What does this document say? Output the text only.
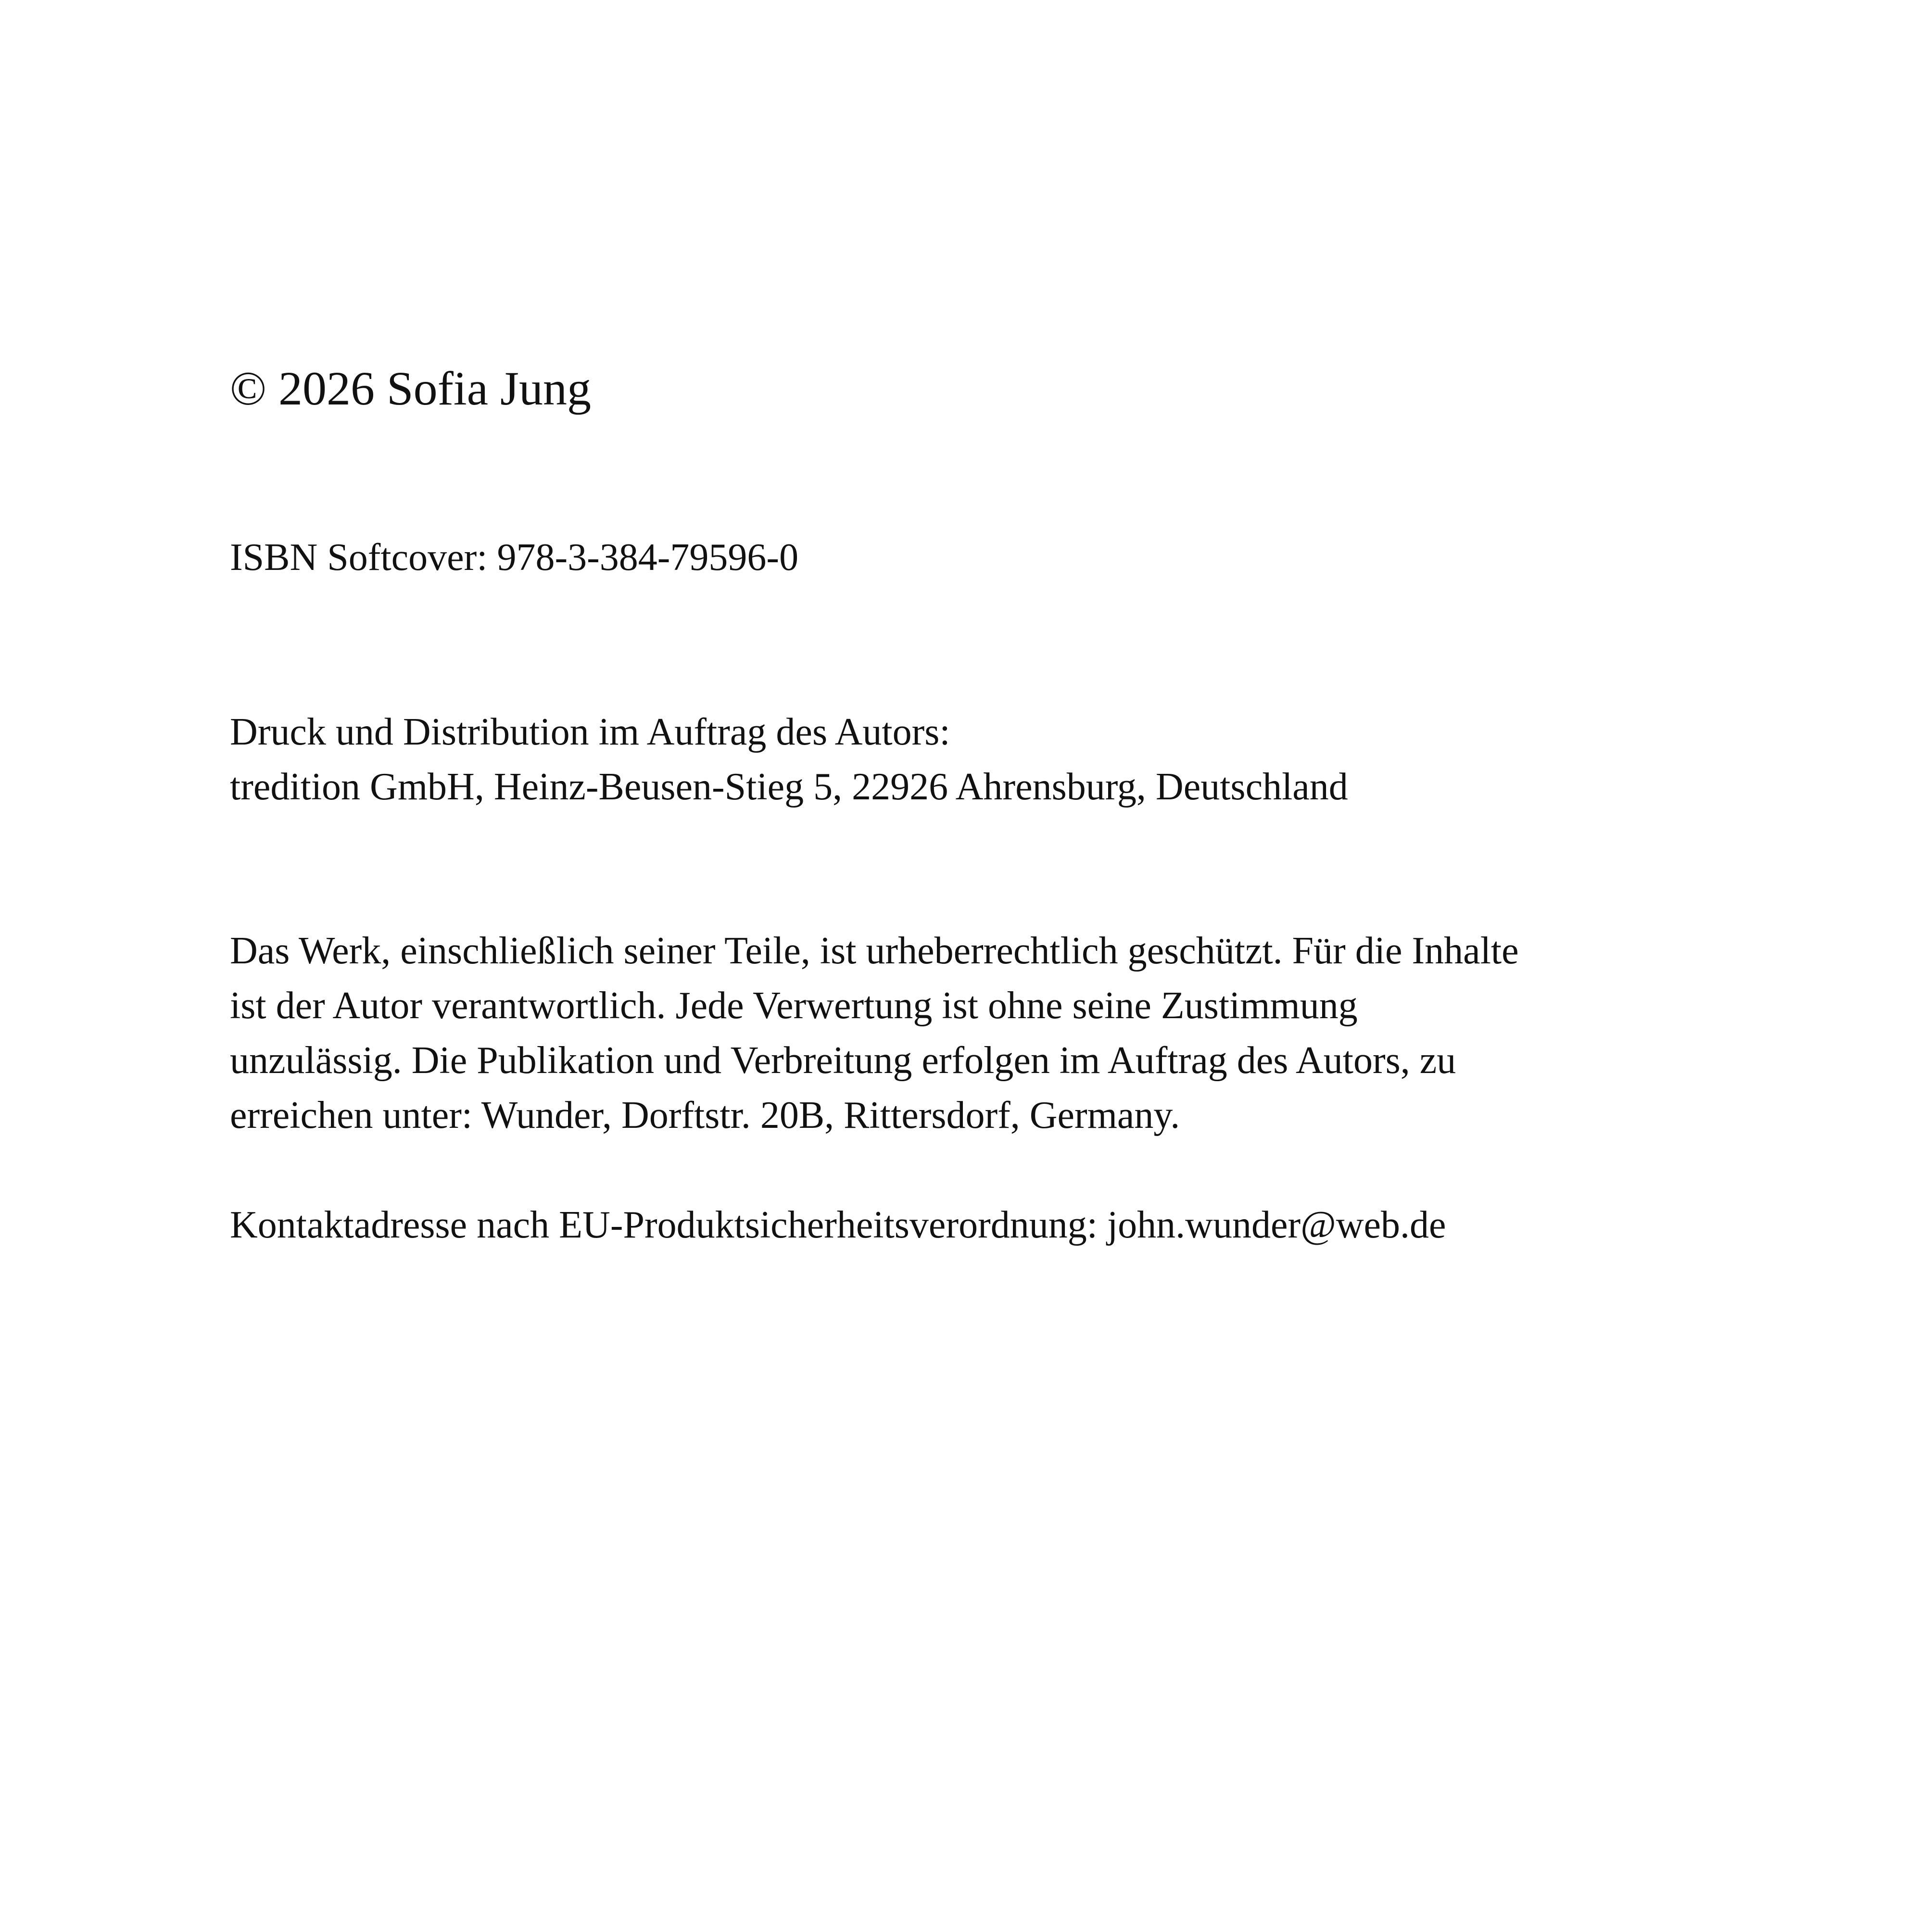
© 2026 Sofia Jung
ISBN Softcover: 978-3-384-79596-0
Druck und Distribution im Auftrag des Autors:
tredition GmbH, Heinz-Beusen-Stieg 5, 22926 Ahrensburg, Deutschland
Das Werk, einschließlich seiner Teile, ist urheberrechtlich geschützt. Für die Inhalte
ist der Autor verantwortlich. Jede Verwertung ist ohne seine Zustimmung
unzulässig. Die Publikation und Verbreitung erfolgen im Auftrag des Autors, zu
erreichen unter: Wunder, Dorftstr. 20B, Rittersdorf, Germany.
Kontaktadresse nach EU-Produktsicherheitsverordnung: john.wunder@web.de
